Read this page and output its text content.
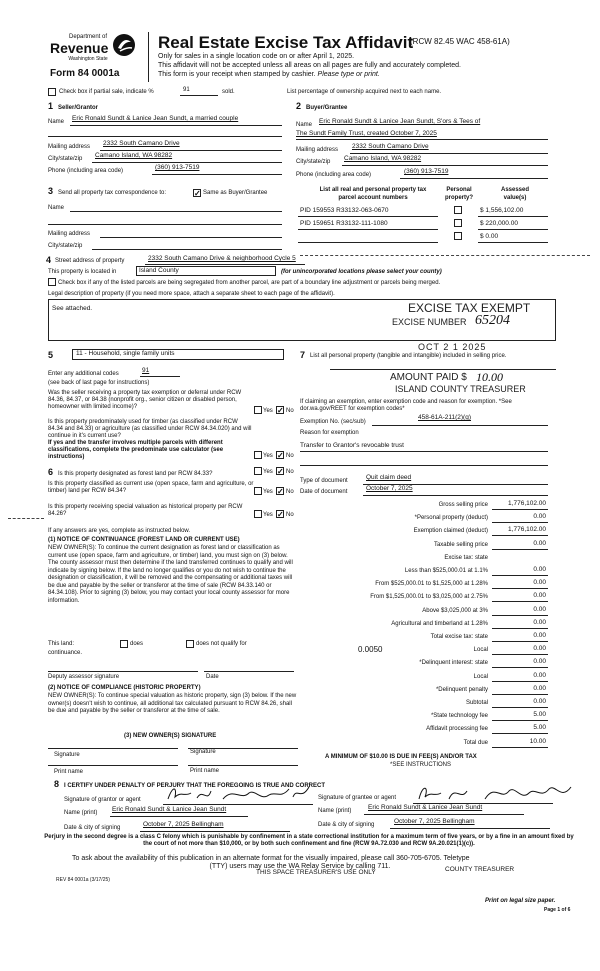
Department of
Revenue
Washington State
Form 84 0001a
Real Estate Excise Tax Affidavit
(RCW 82.45 WAC 458-61A)
Only for sales in a single location code on or after April 1, 2025.
This affidavit will not be accepted unless all areas on all pages are fully and accurately completed.
This form is your receipt when stamped by cashier. Please type or print.
Check box if partial sale, indicate %	91	sold.	List percentage of ownership acquired next to each name.
1 Seller/Grantor
Name Eric Ronald Sundt & Lanice Jean Sundt, a married couple
Mailing address 2332 South Camano Drive
City/state/zip Camano Island, WA 98282
Phone (including area code)	(360) 913-7519
2 Buyer/Grantee
Name Eric Ronald Sundt & Lanice Jean Sundt, S'ors & Tees of
The Sundt Family Trust, created October 7, 2025
Mailing address 2332 South Camano Drive
City/state/zip Camano Island, WA 98282
Phone (including area code)	(360) 913-7519
3 Send all property tax correspondence to:	✓ Same as Buyer/Grantee
Name
Mailing address
City/state/zip
List all real and personal property tax
parcel account numbers
Personal
property?
Assessed
value(s)
PID 159553 R33132-063-0670	$ 1,556,102.00
PID 159651 R33132-111-1080	$ 220,000.00
$ 0.00
4 Street address of property	2332 South Camano Drive & neighborhood Cycle 5
This property is located in	Island County	(for unincorporated locations please select your county)
Check box if any of the listed parcels are being segregated from another parcel, are part of a boundary line adjustment or parcels being merged.
Legal description of property (if you need more space, attach a separate sheet to each page of the affidavit).
See attached.	EXCISE TAX EXEMPT
EXCISE NUMBER 65204
5	11 - Household, single family units
Enter any additional codes	91
(see back of last page for instructions)
Was the seller receiving a property tax exemption or deferral under RCW 84.36, 84.37, or 84.38 (nonprofit org., senior citizen or disabled person, homeowner with limited income)?
Yes ✓ No
Is this property predominately used for timber (as classified under RCW 84.34 and 84.33) or agriculture (as classified under RCW 84.34.020) and will continue in it's current use?
If yes and the transfer involves multiple parcels with different classifications, complete the predominate use calculator (see instructions)	Yes ✓ No
6 Is this property designated as forest land per RCW 84.33?	Yes ✓ No
Is this property classified as current use (open space, farm and agriculture, or timber) land per RCW 84.34?	Yes ✓ No
Is this property receiving special valuation as historical property per RCW 84.26?	Yes ✓ No
If any answers are yes, complete as instructed below.
(1) NOTICE OF CONTINUANCE (FOREST LAND OR CURRENT USE)
NEW OWNER(S): To continue the current designation as forest land or classification as current use (open space, farm and agriculture, or timber) land, you must sign on (3) below. The county assessor must then determine if the land transferred continues to qualify and will indicate by signing below. If the land no longer qualifies or you do not wish to continue the designation or classification, it will be removed and the compensating or additional taxes will be due and payable by the seller or transferor at the time of sale (RCW 84.33.140 or 84.34.108). Prior to signing (3) below, you may contact your local county assessor for more information.
This land:
continuance.
does	does not qualify for
Deputy assessor signature	Date
(2) NOTICE OF COMPLIANCE (HISTORIC PROPERTY)
NEW OWNER(S): To continue special valuation as historic property, sign (3) below. If the new owner(s) doesn't wish to continue, all additional tax calculated pursuant to RCW 84.26, shall be due and payable by the seller or transferor at the time of sale.
(3) NEW OWNER(S) SIGNATURE
Signature	Signature
Print name	Print name
7 List all personal property (tangible and intangible) included in selling price.
OCT 2 1 2025
AMOUNT PAID $ 10.00
ISLAND COUNTY TREASURER
If claiming an exemption, enter exemption code and reason for exemption. *See dor.wa.gov/REET for exemption codes*
Exemption No. (sec/sub)
458-61A-211(2)(g)
Reason for exemption
Transfer to Grantor's revocable trust
Type of document	Quit claim deed
Date of document	October 7, 2025
Gross selling price	1,776,102.00
*Personal property (deduct)	0.00
Exemption claimed (deduct)	1,776,102.00
Taxable selling price	0.00
Excise tax: state
Less than $525,000.01 at 1.1%	0.00
From $525,000.01 to $1,525,000 at 1.28%	0.00
From $1,525,000.01 to $3,025,000 at 2.75%	0.00
Above $3,025,000 at 3%	0.00
Agricultural and timberland at 1.28%	0.00
Total excise tax: state	0.00
Local	0.00
0.0050
*Delinquent interest: state	0.00
Local	0.00
*Delinquent penalty	0.00
Subtotal	0.00
*State technology fee	5.00
Affidavit processing fee	5.00
Total due	10.00
A MINIMUM OF $10.00 IS DUE IN FEE(S) AND/OR TAX
*SEE INSTRUCTIONS
8 I CERTIFY UNDER PENALTY OF PERJURY THAT THE FOREGOING IS TRUE AND CORRECT
Signature of grantor or agent	Signature of grantee or agent
Name (print) Eric Ronald Sundt & Lanice Jean Sundt	Name (print)	Eric Ronald Sundt & Lanice Jean Sundt
Date & city of signing	October 7, 2025 Bellingham	Date & city of signing	October 7, 2025 Bellingham
Perjury in the second degree is a class C felony which is punishable by confinement in a state correctional institution for a maximum term of five years, or by a fine in an amount fixed by the court of not more than $10,000, or by both such confinement and fine (RCW 9A.72.030 and RCW 9A.20.021(1)(c)).
To ask about the availability of this publication in an alternate format for the visually impaired, please call 360-705-6705. Teletype
(TTY) users may use the WA Relay Service by calling 711.
REV 84 0001a (3/17/25)
THIS SPACE TREASURER'S USE ONLY	COUNTY TREASURER
Print on legal size paper.
Page 1 of 6
